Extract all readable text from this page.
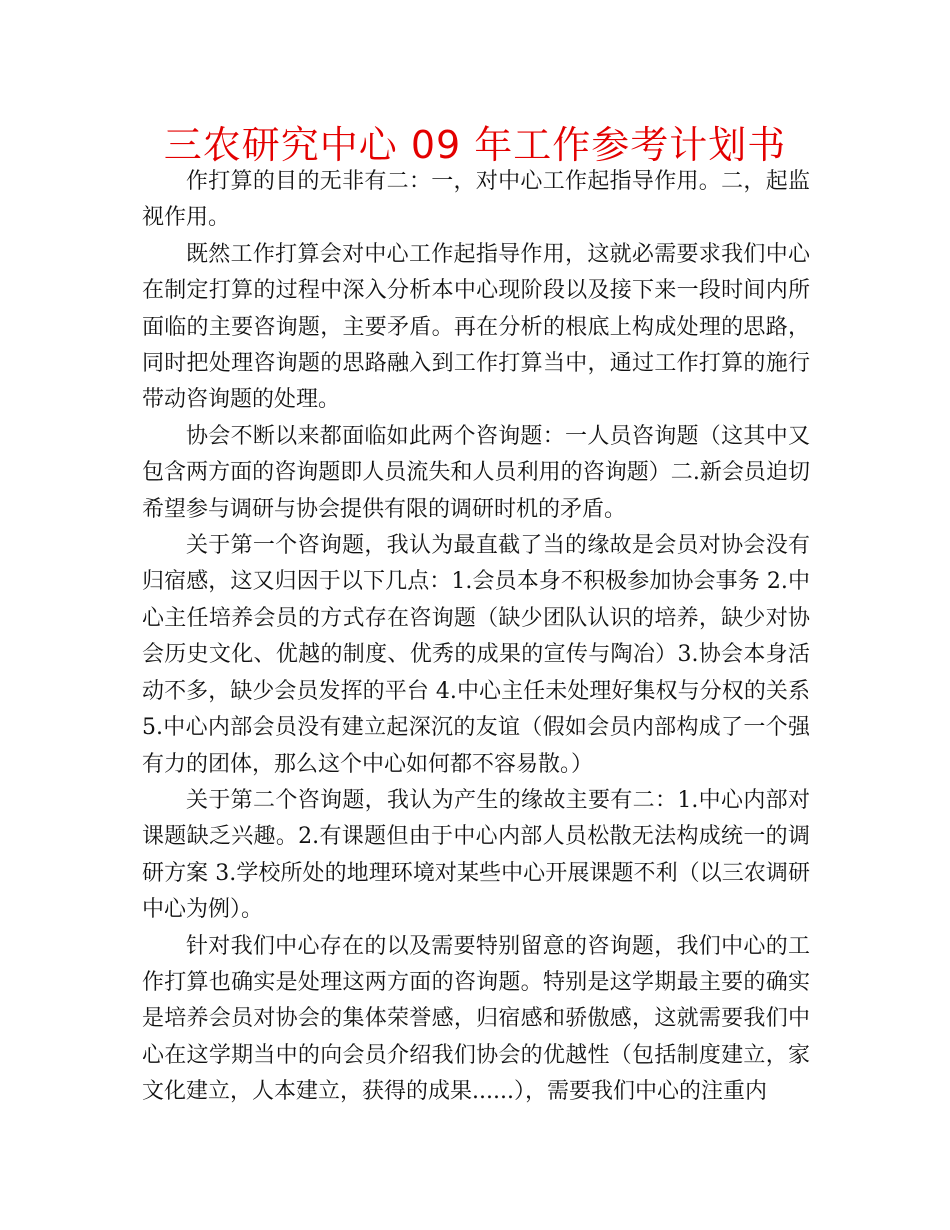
三农研究中心 09 年工作参考计划书

作打算的目的无非有二：一，对中心工作起指导作用。二，起监视作用。

既然工作打算会对中心工作起指导作用，这就必需要求我们中心在制定打算的过程中深入分析本中心现阶段以及接下来一段时间内所面临的主要咨询题，主要矛盾。再在分析的根底上构成处理的思路，同时把处理咨询题的思路融入到工作打算当中，通过工作打算的施行带动咨询题的处理。

协会不断以来都面临如此两个咨询题：一人员咨询题（这其中又包含两方面的咨询题即人员流失和人员利用的咨询题）二.新会员迫切希望参与调研与协会提供有限的调研时机的矛盾。

关于第一个咨询题，我认为最直截了当的缘故是会员对协会没有归宿感，这又归因于以下几点：1.会员本身不积极参加协会事务 2.中心主任培养会员的方式存在咨询题（缺少团队认识的培养，缺少对协会历史文化、优越的制度、优秀的成果的宣传与陶冶）3.协会本身活动不多，缺少会员发挥的平台 4.中心主任未处理好集权与分权的关系 5.中心内部会员没有建立起深沉的友谊（假如会员内部构成了一个强有力的团体，那么这个中心如何都不容易散。）

关于第二个咨询题，我认为产生的缘故主要有二：1.中心内部对课题缺乏兴趣。2.有课题但由于中心内部人员松散无法构成统一的调研方案 3.学校所处的地理环境对某些中心开展课题不利（以三农调研中心为例）。

针对我们中心存在的以及需要特别留意的咨询题，我们中心的工作打算也确实是处理这两方面的咨询题。特别是这学期最主要的确实是培养会员对协会的集体荣誉感，归宿感和骄傲感，这就需要我们中心在这学期当中的向会员介绍我们协会的优越性（包括制度建立，家文化建立，人本建立，获得的成果......），需要我们中心的注重内
